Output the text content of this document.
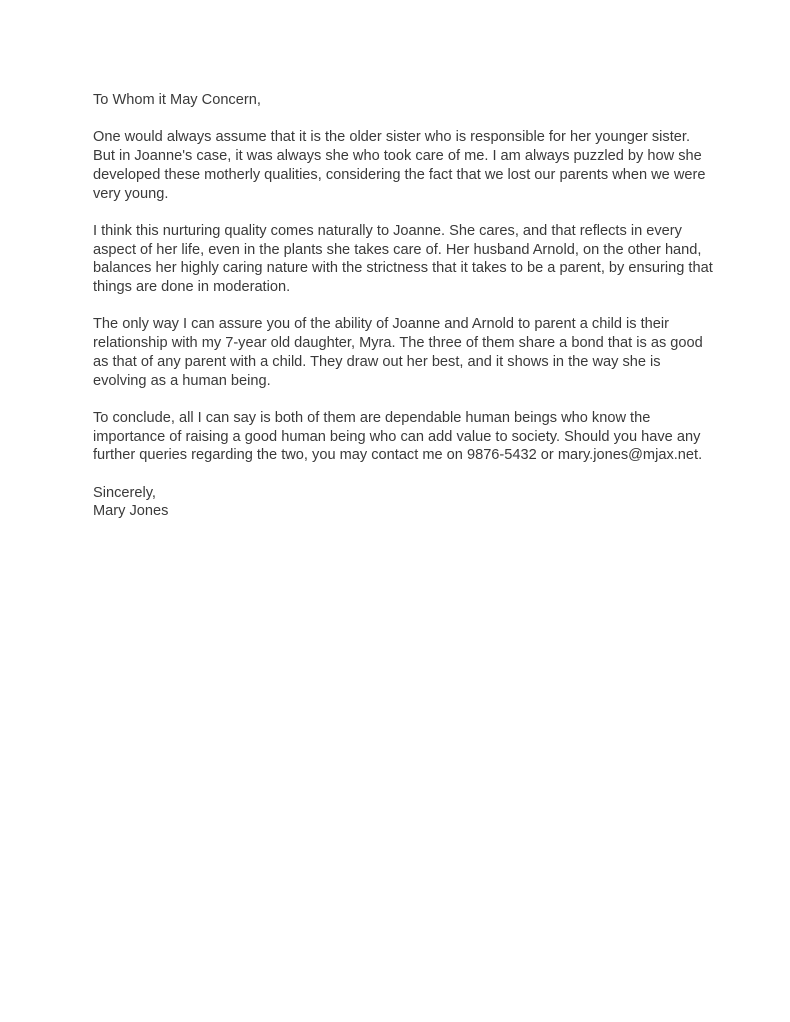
To Whom it May Concern,

One would always assume that it is the older sister who is responsible for her younger sister.
But in Joanne's case, it was always she who took care of me. I am always puzzled by how she
developed these motherly qualities, considering the fact that we lost our parents when we were
very young.

I think this nurturing quality comes naturally to Joanne. She cares, and that reflects in every
aspect of her life, even in the plants she takes care of. Her husband Arnold, on the other hand,
balances her highly caring nature with the strictness that it takes to be a parent, by ensuring that
things are done in moderation.

The only way I can assure you of the ability of Joanne and Arnold to parent a child is their
relationship with my 7-year old daughter, Myra. The three of them share a bond that is as good
as that of any parent with a child. They draw out her best, and it shows in the way she is
evolving as a human being.

To conclude, all I can say is both of them are dependable human beings who know the
importance of raising a good human being who can add value to society. Should you have any
further queries regarding the two, you may contact me on 9876-5432 or mary.jones@mjax.net.

Sincerely,
Mary Jones
